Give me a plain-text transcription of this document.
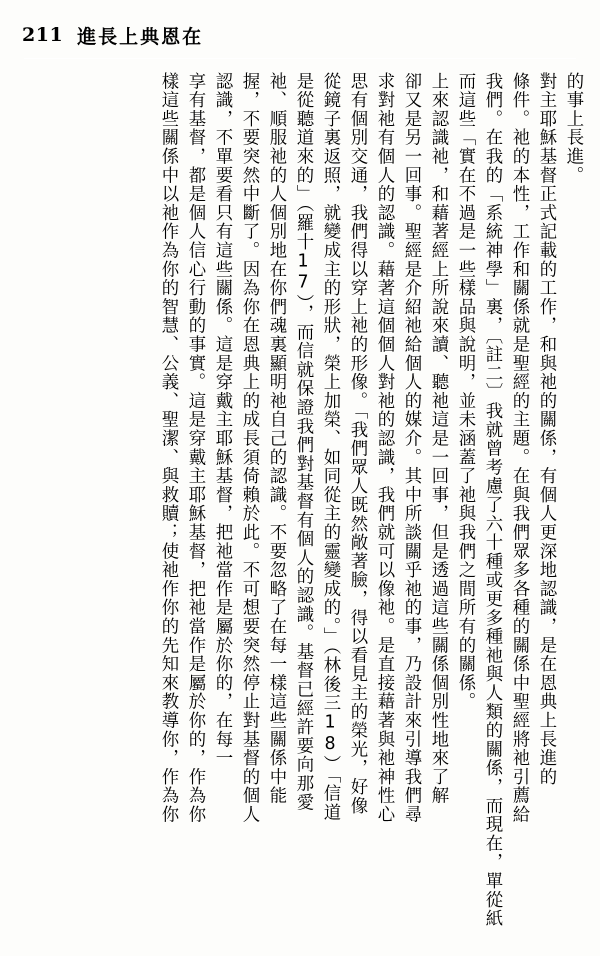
211 進長上典恩在
的事上長進。
對主耶穌基督正式記載的工作，和與祂的關係，有個人更深地認識，是在恩典上長進的
條件。祂的本性，工作和關係就是聖經的主題。在與我們眾多各種的關係中聖經將祂引薦給
我們。在我的「系統神學」裏，〔註二〕我就曾考慮了六十種或更多種祂與人類的關係，而現在，單從紙
而這些「實在不過是一些樣品與說明，並未涵蓋了祂與我們之間所有的關係。
上來認識祂，和藉著經上所說來讀、聽祂這是一回事，但是透過這些關係個別性地來了解
卻又是另一回事。聖經是介紹祂給個人的媒介。其中所談關乎祂的事，乃設計來引導我們尋
求對祂有個人的認識。藉著這個個人對祂的認識，我們就可以像祂。是直接藉著與祂神性心
思有個別交通，我們得以穿上祂的形像。「我們眾人既然敞著臉，得以看見主的榮光，好像
從鏡子裏返照，就變成主的形狀，榮上加榮、如同從主的靈變成的。」（林後三18）「信道
是從聽道來的」（羅十17），而信就保證我們對基督有個人的認識。基督已經許要向那愛
祂、順服祂的人個別地在你們魂裏顯明祂自己的認識。不要忽略了在每一樣這些關係中能
握，不要突然中斷了。因為你在恩典上的成長須倚賴於此。不可想要突然停止對基督的個人
認識，不單要看只有這些關係。這是穿戴主耶穌基督，把祂當作是屬於你的，在每一
享有基督，都是個人信心行動的事實。這是穿戴主耶穌基督，把祂當作是屬於你的，作為你
樣這些關係中以祂作為你的智慧、公義、聖潔、與救贖；使祂作你的先知來教導你，作為你
